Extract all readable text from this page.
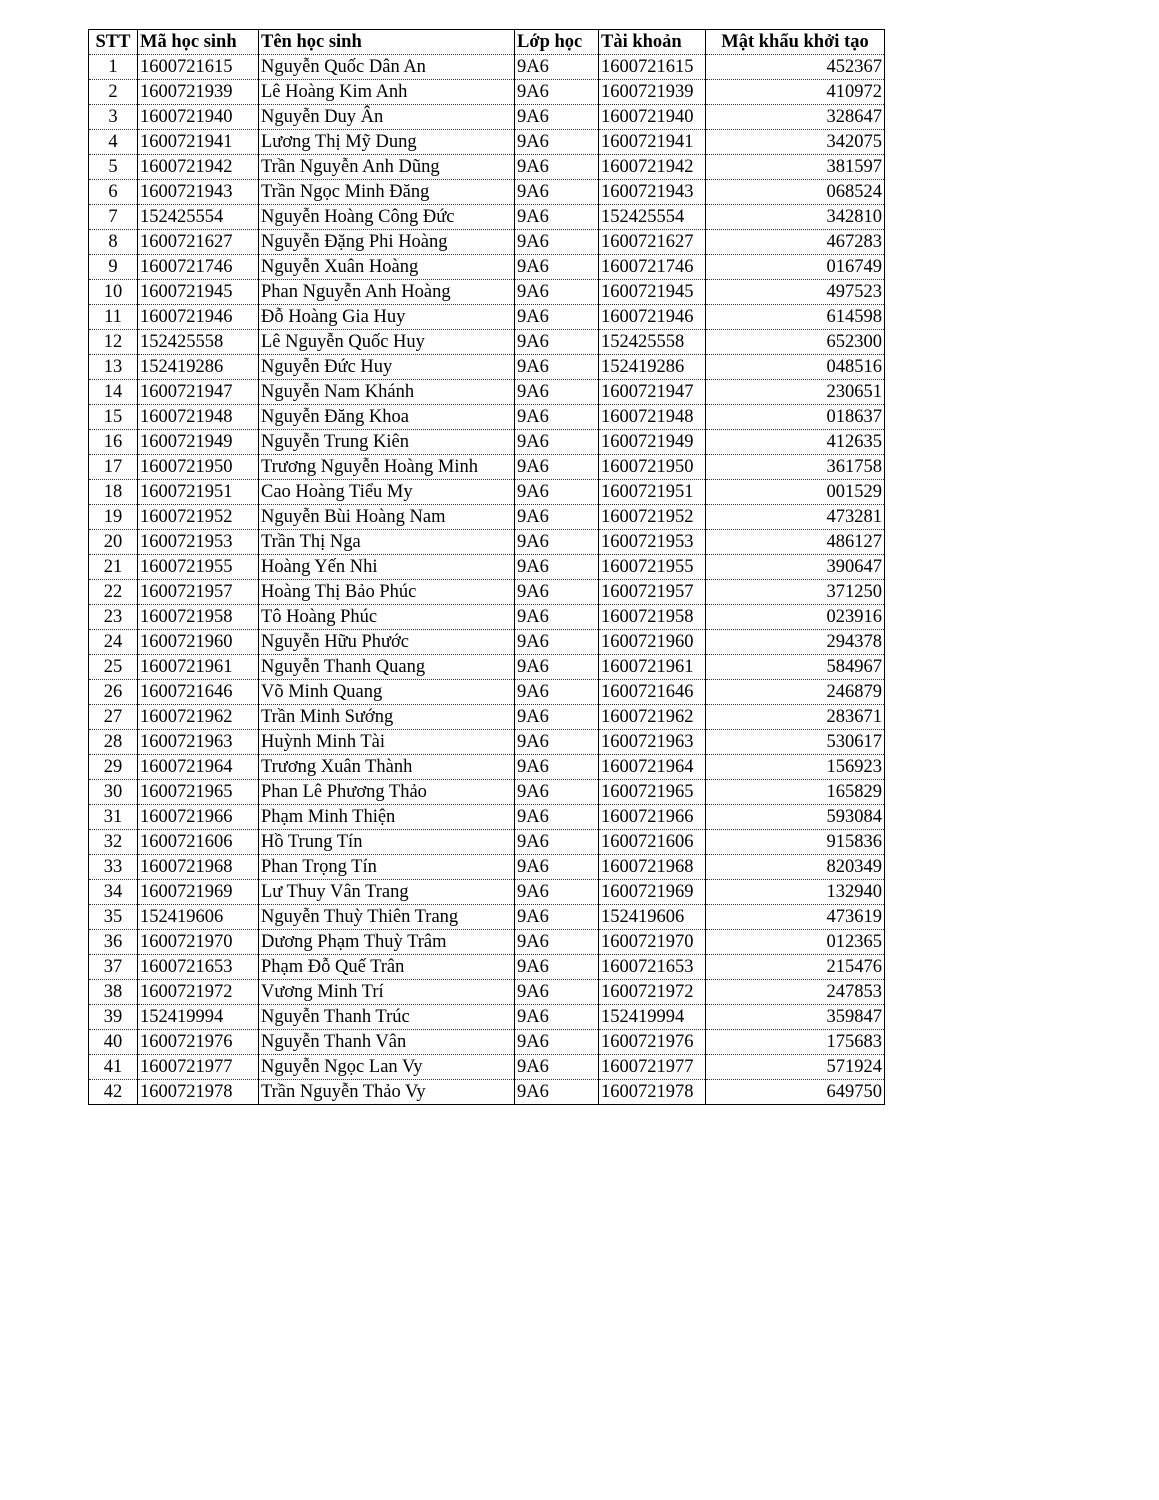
STT	Mã học sinh	Tên học sinh	Lớp học	Tài khoản	Mật khẩu khởi tạo
1	1600721615	Nguyễn Quốc Dân An	9A6	1600721615	452367
2	1600721939	Lê Hoàng Kim Anh	9A6	1600721939	410972
3	1600721940	Nguyễn Duy Ân	9A6	1600721940	328647
4	1600721941	Lương Thị Mỹ Dung	9A6	1600721941	342075
5	1600721942	Trần Nguyễn Anh Dũng	9A6	1600721942	381597
6	1600721943	Trần Ngọc Minh Đăng	9A6	1600721943	068524
7	152425554	Nguyễn Hoàng Công Đức	9A6	152425554	342810
8	1600721627	Nguyễn Đặng Phi Hoàng	9A6	1600721627	467283
9	1600721746	Nguyễn Xuân Hoàng	9A6	1600721746	016749
10	1600721945	Phan Nguyễn Anh Hoàng	9A6	1600721945	497523
11	1600721946	Đỗ Hoàng Gia Huy	9A6	1600721946	614598
12	152425558	Lê Nguyễn Quốc Huy	9A6	152425558	652300
13	152419286	Nguyễn Đức Huy	9A6	152419286	048516
14	1600721947	Nguyễn Nam Khánh	9A6	1600721947	230651
15	1600721948	Nguyễn Đăng Khoa	9A6	1600721948	018637
16	1600721949	Nguyễn Trung Kiên	9A6	1600721949	412635
17	1600721950	Trương Nguyễn Hoàng Minh	9A6	1600721950	361758
18	1600721951	Cao Hoàng Tiểu My	9A6	1600721951	001529
19	1600721952	Nguyễn Bùi Hoàng Nam	9A6	1600721952	473281
20	1600721953	Trần Thị Nga	9A6	1600721953	486127
21	1600721955	Hoàng Yến Nhi	9A6	1600721955	390647
22	1600721957	Hoàng Thị Bảo Phúc	9A6	1600721957	371250
23	1600721958	Tô Hoàng Phúc	9A6	1600721958	023916
24	1600721960	Nguyễn Hữu Phước	9A6	1600721960	294378
25	1600721961	Nguyễn Thanh Quang	9A6	1600721961	584967
26	1600721646	Võ Minh Quang	9A6	1600721646	246879
27	1600721962	Trần Minh Sướng	9A6	1600721962	283671
28	1600721963	Huỳnh Minh Tài	9A6	1600721963	530617
29	1600721964	Trương Xuân Thành	9A6	1600721964	156923
30	1600721965	Phan Lê Phương Thảo	9A6	1600721965	165829
31	1600721966	Phạm Minh Thiện	9A6	1600721966	593084
32	1600721606	Hồ Trung Tín	9A6	1600721606	915836
33	1600721968	Phan Trọng Tín	9A6	1600721968	820349
34	1600721969	Lư Thuy Vân Trang	9A6	1600721969	132940
35	152419606	Nguyễn Thuỳ Thiên Trang	9A6	152419606	473619
36	1600721970	Dương Phạm Thuỳ Trâm	9A6	1600721970	012365
37	1600721653	Phạm Đỗ Quế Trân	9A6	1600721653	215476
38	1600721972	Vương Minh Trí	9A6	1600721972	247853
39	152419994	Nguyễn Thanh Trúc	9A6	152419994	359847
40	1600721976	Nguyễn Thanh Vân	9A6	1600721976	175683
41	1600721977	Nguyễn Ngọc Lan Vy	9A6	1600721977	571924
42	1600721978	Trần Nguyễn Thảo Vy	9A6	1600721978	649750
